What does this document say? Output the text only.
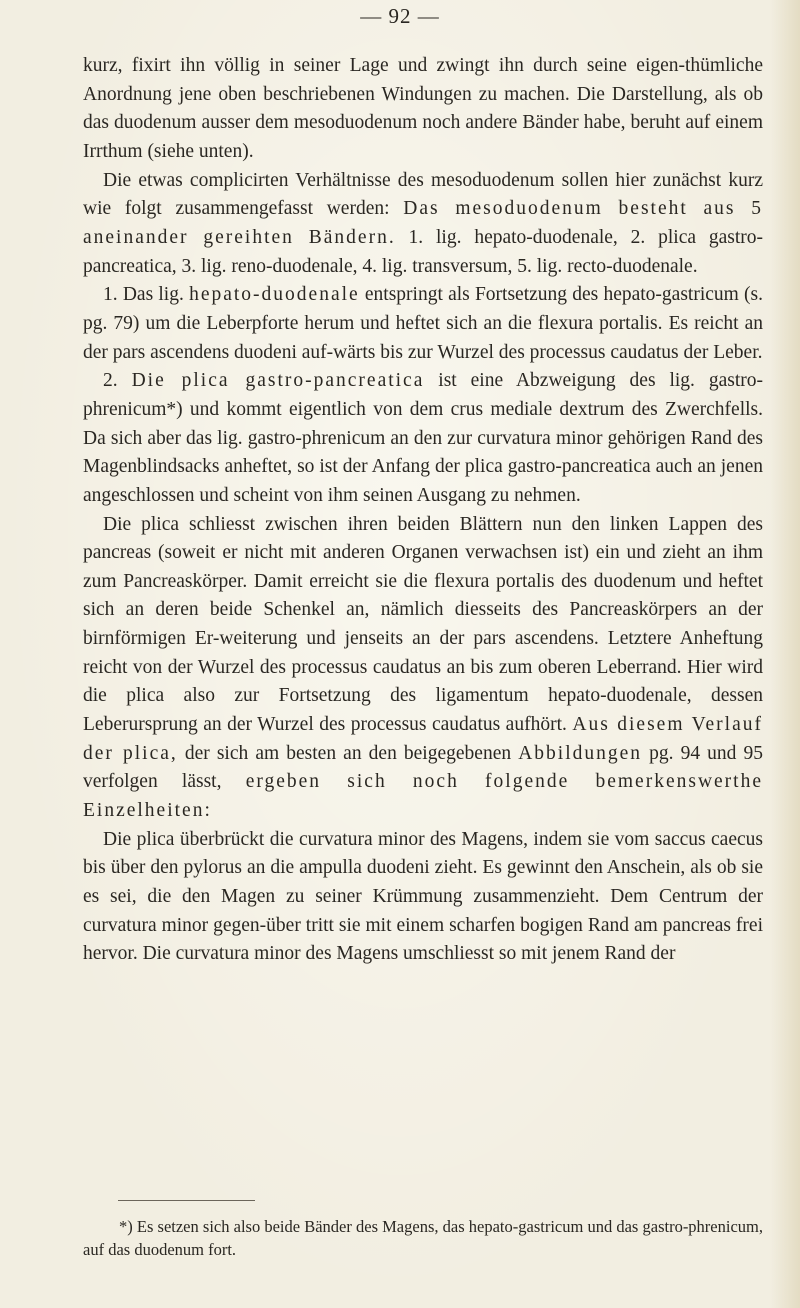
— 92 —

kurz, fixirt ihn völlig in seiner Lage und zwingt ihn durch seine eigen-thümliche Anordnung jene oben beschriebenen Windungen zu machen. Die Darstellung, als ob das duodenum ausser dem mesoduodenum noch andere Bänder habe, beruht auf einem Irrthum (siehe unten).

Die etwas complicirten Verhältnisse des mesoduodenum sollen hier zunächst kurz wie folgt zusammengefasst werden: Das mesoduodenum besteht aus 5 aneinander gereihten Bändern. 1. lig. hepato-duodenale, 2. plica gastro-pancreatica, 3. lig. reno-duodenale, 4. lig. transversum, 5. lig. recto-duodenale.

1. Das lig. hepato-duodenale entspringt als Fortsetzung des hepato-gastricum (s. pg. 79) um die Leberpforte herum und heftet sich an die flexura portalis. Es reicht an der pars ascendens duodeni auf-wärts bis zur Wurzel des processus caudatus der Leber.

2. Die plica gastro-pancreatica ist eine Abzweigung des lig. gastro-phrenicum*) und kommt eigentlich von dem crus mediale dextrum des Zwerchfells. Da sich aber das lig. gastro-phrenicum an den zur curvatura minor gehörigen Rand des Magenblindsacks anheftet, so ist der Anfang der plica gastro-pancreatica auch an jenen angeschlossen und scheint von ihm seinen Ausgang zu nehmen.

Die plica schliesst zwischen ihren beiden Blättern nun den linken Lappen des pancreas (soweit er nicht mit anderen Organen verwachsen ist) ein und zieht an ihm zum Pancreaskörper. Damit erreicht sie die flexura portalis des duodenum und heftet sich an deren beide Schenkel an, nämlich diesseits des Pancreaskörpers an der birnförmigen Er-weiterung und jenseits an der pars ascendens. Letztere Anheftung reicht von der Wurzel des processus caudatus an bis zum oberen Leberrand. Hier wird die plica also zur Fortsetzung des ligamentum hepato-duodenale, dessen Leberursprung an der Wurzel des processus caudatus aufhört. Aus diesem Verlauf der plica, der sich am besten an den beigegebenen Abbildungen pg. 94 und 95 verfolgen lässt, ergeben sich noch folgende bemerkenswerthe Einzelheiten:

Die plica überbrückt die curvatura minor des Magens, indem sie vom saccus caecus bis über den pylorus an die ampulla duodeni zieht. Es gewinnt den Anschein, als ob sie es sei, die den Magen zu seiner Krümmung zusammenzieht. Dem Centrum der curvatura minor gegen-über tritt sie mit einem scharfen bogigen Rand am pancreas frei hervor. Die curvatura minor des Magens umschliesst so mit jenem Rand der

*) Es setzen sich also beide Bänder des Magens, das hepato-gastricum und das gastro-phrenicum, auf das duodenum fort.
